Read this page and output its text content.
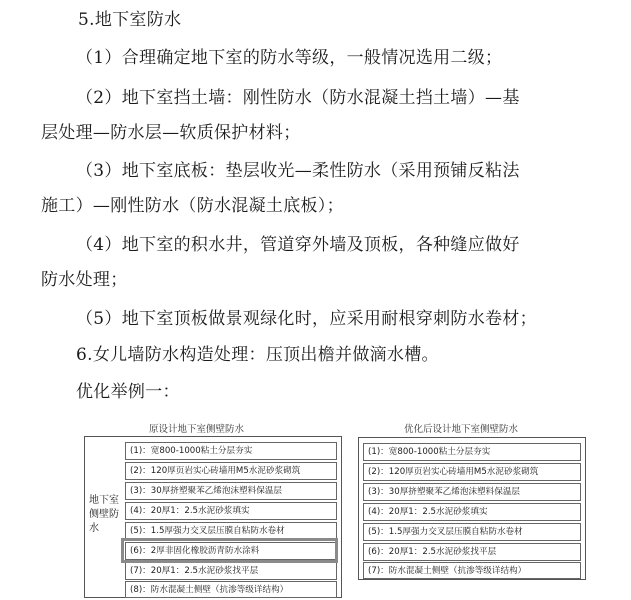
5.地下室防水
（1）合理确定地下室的防水等级，一般情况选用二级；
（2）地下室挡土墙：刚性防水（防水混凝土挡土墙）—基
层处理—防水层—软质保护材料；
（3）地下室底板：垫层收光—柔性防水（采用预铺反粘法
施工）—刚性防水（防水混凝土底板）；
（4）地下室的积水井，管道穿外墙及顶板，各种缝应做好
防水处理；
（5）地下室顶板做景观绿化时，应采用耐根穿刺防水卷材；
6.女儿墙防水构造处理：压顶出檐并做滴水槽。
优化举例一：
原设计地下室侧壁防水
地下室
侧壁防
水
(1)：宽800-1000粘土分层夯实
(2)：120厚页岩实心砖墙用M5水泥砂浆砌筑
(3)：30厚挤塑聚苯乙烯泡沫塑料保温层
(4)：20厚1：2.5水泥砂浆填实
(5)：1.5厚强力交叉层压膜自粘防水卷材
(6)：2厚非固化橡胶沥青防水涂料
(7)：20厚1：2.5水泥砂浆找平层
(8)：防水混凝土侧壁（抗渗等级详结构）
优化后设计地下室侧壁防水
(1)：宽800-1000粘土分层夯实
(2)：120厚页岩实心砖墙用M5水泥砂浆砌筑
(3)：30厚挤塑聚苯乙烯泡沫塑料保温层
(4)：20厚1：2.5水泥砂浆填实
(5)：1.5厚强力交叉层压膜自粘防水卷材
(6)：20厚1：2.5水泥砂浆找平层
(7)：防水混凝土侧壁（抗渗等级详结构）
